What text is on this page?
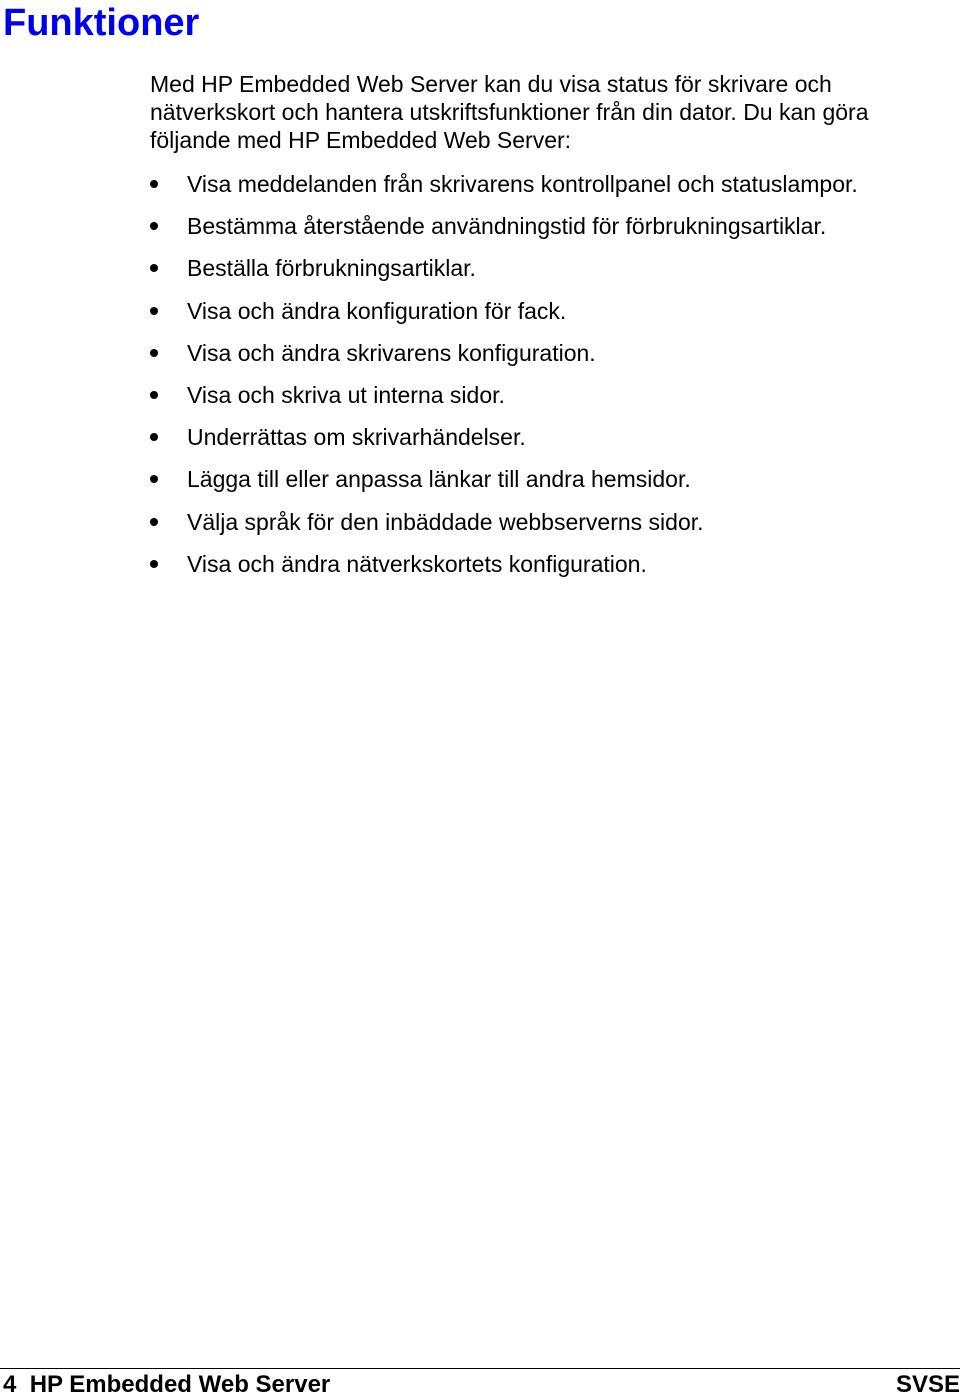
Funktioner

Med HP Embedded Web Server kan du visa status för skrivare och nätverkskort och hantera utskriftsfunktioner från din dator. Du kan göra följande med HP Embedded Web Server:

Visa meddelanden från skrivarens kontrollpanel och statuslampor.
Bestämma återstående användningstid för förbrukningsartiklar.
Beställa förbrukningsartiklar.
Visa och ändra konfiguration för fack.
Visa och ändra skrivarens konfiguration.
Visa och skriva ut interna sidor.
Underrättas om skrivarhändelser.
Lägga till eller anpassa länkar till andra hemsidor.
Välja språk för den inbäddade webbserverns sidor.
Visa och ändra nätverkskortets konfiguration.
4 HP Embedded Web Server	SVSE
